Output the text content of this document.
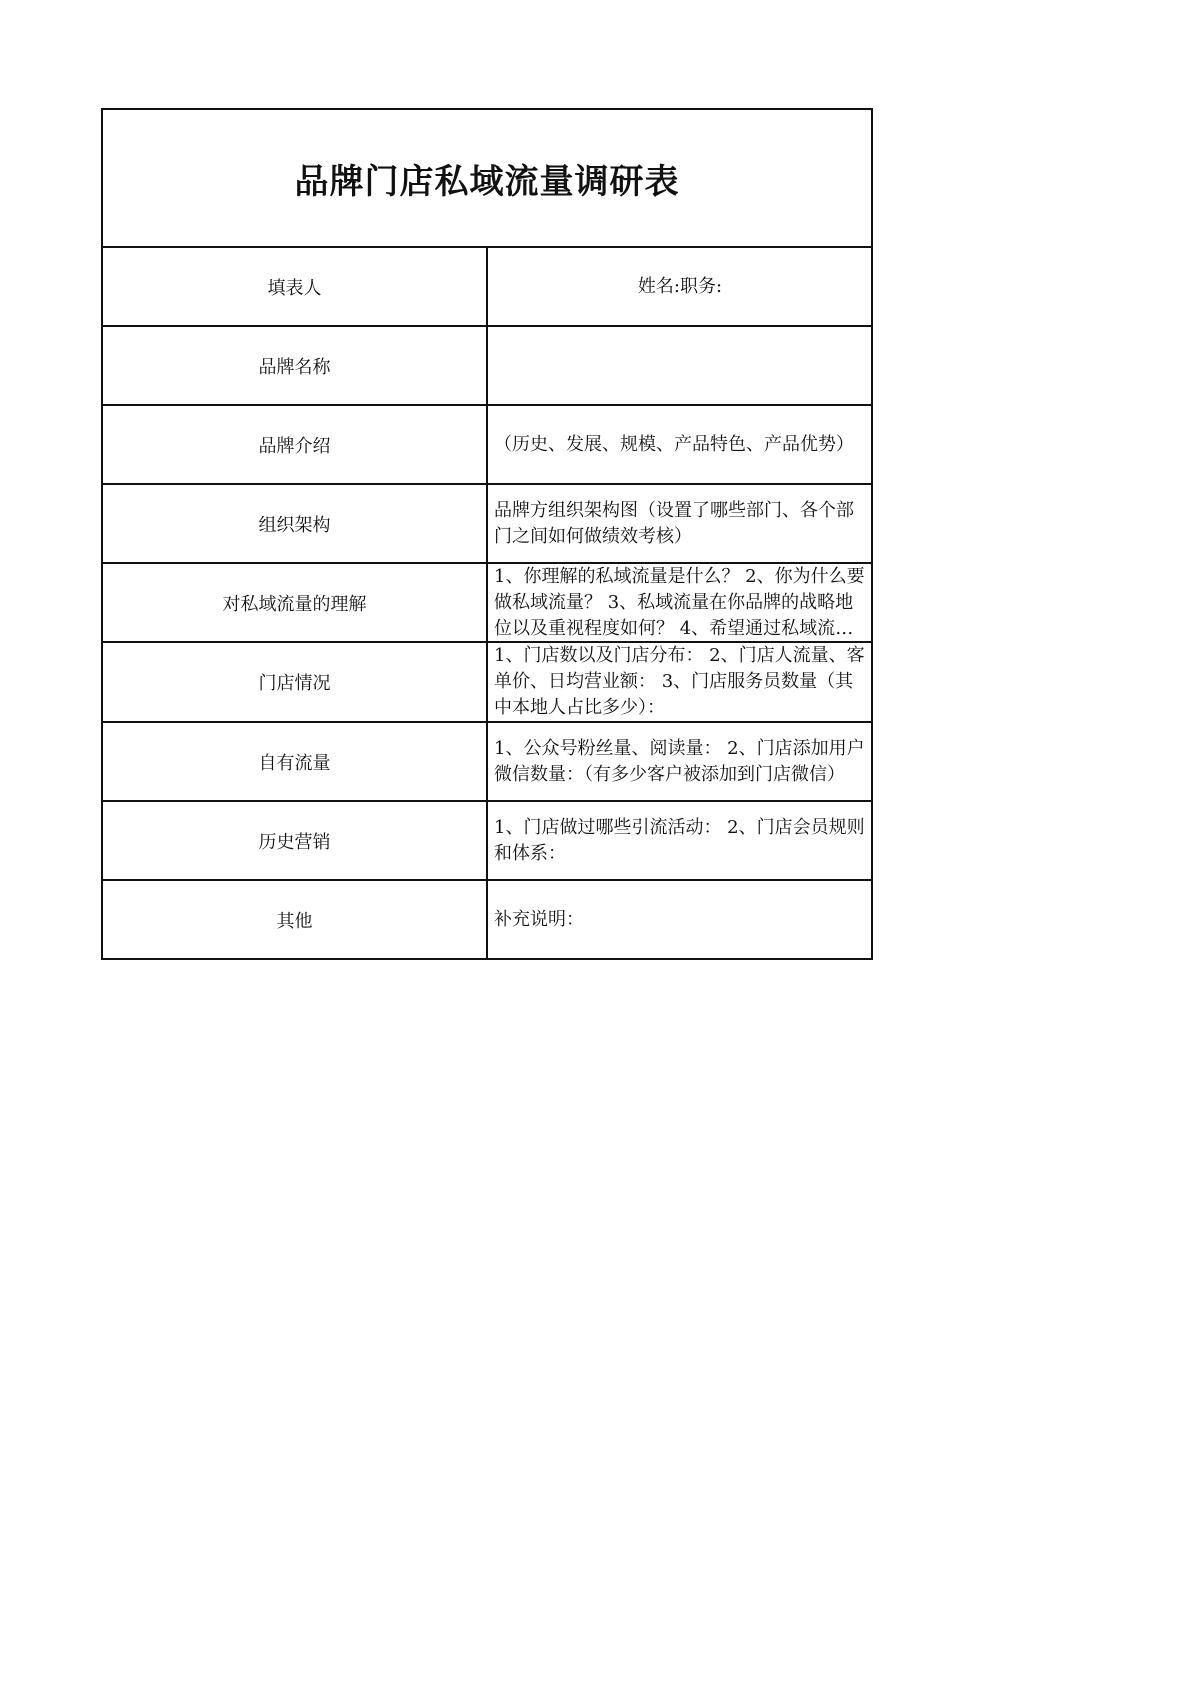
品牌门店私域流量调研表	
填表人	姓名:职务:
品牌名称	
品牌介绍	（历史、发展、规模、产品特色、产品优势）
组织架构	品牌方组织架构图（设置了哪些部门、各个部门之间如何做绩效考核）
对私域流量的理解	1、你理解的私域流量是什么？ 2、你为什么要做私域流量？ 3、私域流量在你品牌的战略地位以及重视程度如何？ 4、希望通过私域流量

门店情况	1、门店数以及门店分布： 2、门店人流量、客单价、日均营业额： 3、门店服务员数量（其中本地人占比多少）：
自有流量	1、公众号粉丝量、阅读量： 2、门店添加用户微信数量：（有多少客户被添加到门店微信）
历史营销	1、门店做过哪些引流活动： 2、门店会员规则和体系：
其他	补充说明：
